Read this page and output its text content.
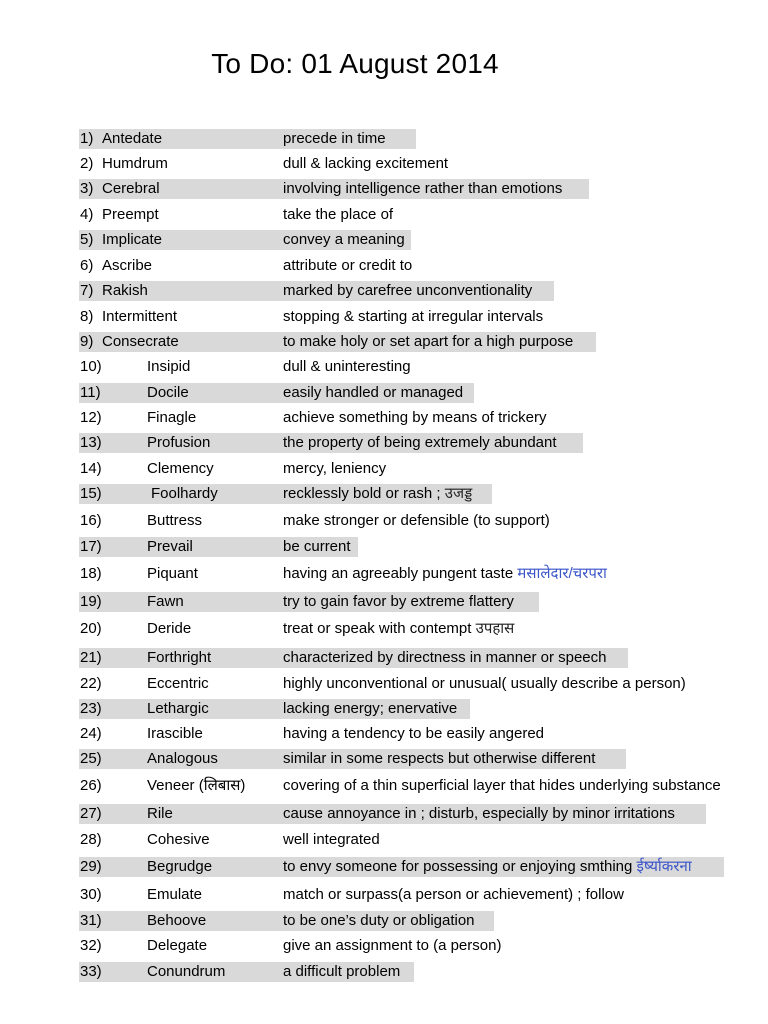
To Do: 01 August 2014
1) Antedate	precede in time
2) Humdrum	dull & lacking excitement
3) Cerebral	involving intelligence rather than emotions
4) Preempt	take the place of
5) Implicate	convey a meaning
6) Ascribe	attribute or credit to
7) Rakish	marked by carefree unconventionality
8) Intermittent	stopping & starting at irregular intervals
9) Consecrate	to make holy or set apart for a high purpose
10)	Insipid	dull & uninteresting
11)	Docile	easily handled or managed
12)	Finagle	achieve something by means of trickery
13)	Profusion	the property of being extremely abundant
14)	Clemency	mercy, leniency
15)	Foolhardy	recklessly bold or rash ; उजड्ड
16)	Buttress	make stronger or defensible (to support)
17)	Prevail	be current
18)	Piquant	having an agreeably pungent taste मसालेदार/चरपरा
19)	Fawn	try to gain favor by extreme flattery
20)	Deride	treat or speak with contempt उपहास
21)	Forthright	characterized by directness in manner or speech
22)	Eccentric	highly unconventional or unusual( usually describe a person)
23)	Lethargic	lacking energy; enervative
24)	Irascible	having a tendency to be easily angered
25)	Analogous	similar in some respects but otherwise different
26)	Veneer (लिबास)	covering of a thin superficial layer that hides underlying substance
27)	Rile	cause annoyance in ; disturb, especially by minor irritations
28)	Cohesive	well integrated
29)	Begrudge	to envy someone for possessing or enjoying smthing ईर्ष्याकरना
30)	Emulate	match or surpass(a person or achievement) ; follow
31)	Behoove	to be one’s duty or obligation
32)	Delegate	give an assignment to (a person)
33)	Conundrum	a difficult problem
